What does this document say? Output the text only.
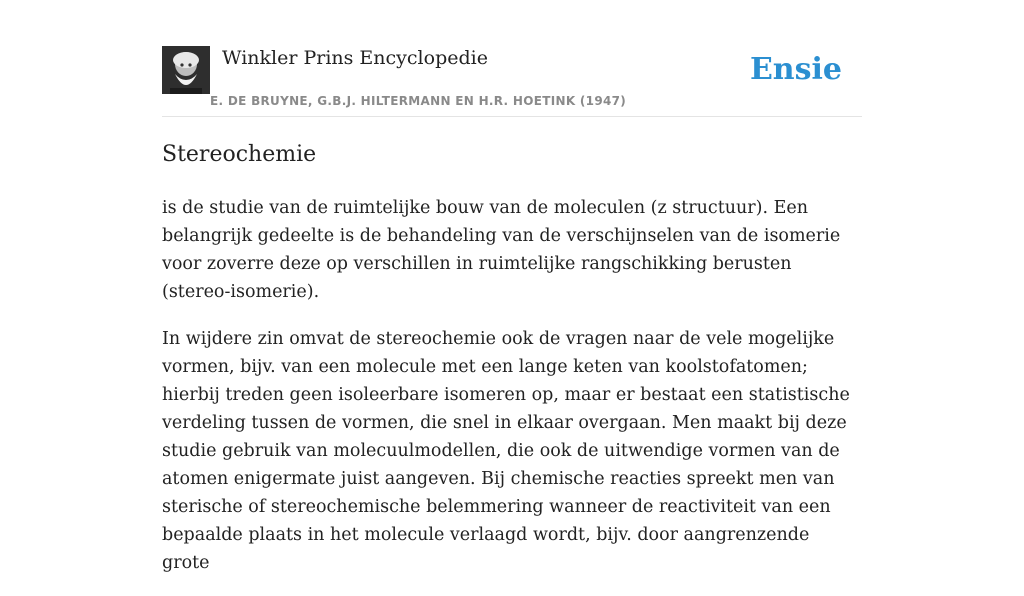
Winkler Prins Encyclopedie
E. DE BRUYNE, G.B.J. HILTERMANN EN H.R. HOETINK (1947)
Ensie
Stereochemie

is de studie van de ruimtelijke bouw van de moleculen (z structuur). Een belangrijk gedeelte is de behandeling van de verschijnselen van de isomerie voor zoverre deze op verschillen in ruimtelijke rangschikking berusten (stereo-isomerie).

In wijdere zin omvat de stereochemie ook de vragen naar de vele mogelijke vormen, bijv. van een molecule met een lange keten van koolstofatomen; hierbij treden geen isoleerbare isomeren op, maar er bestaat een statistische verdeling tussen de vormen, die snel in elkaar overgaan. Men maakt bij deze studie gebruik van molecuulmodellen, die ook de uitwendige vormen van de atomen enigermate juist aangeven. Bij chemische reacties spreekt men van sterische of stereochemische belemmering wanneer de reactiviteit van een bepaalde plaats in het molecule verlaagd wordt, bijv. door aangrenzende grote
